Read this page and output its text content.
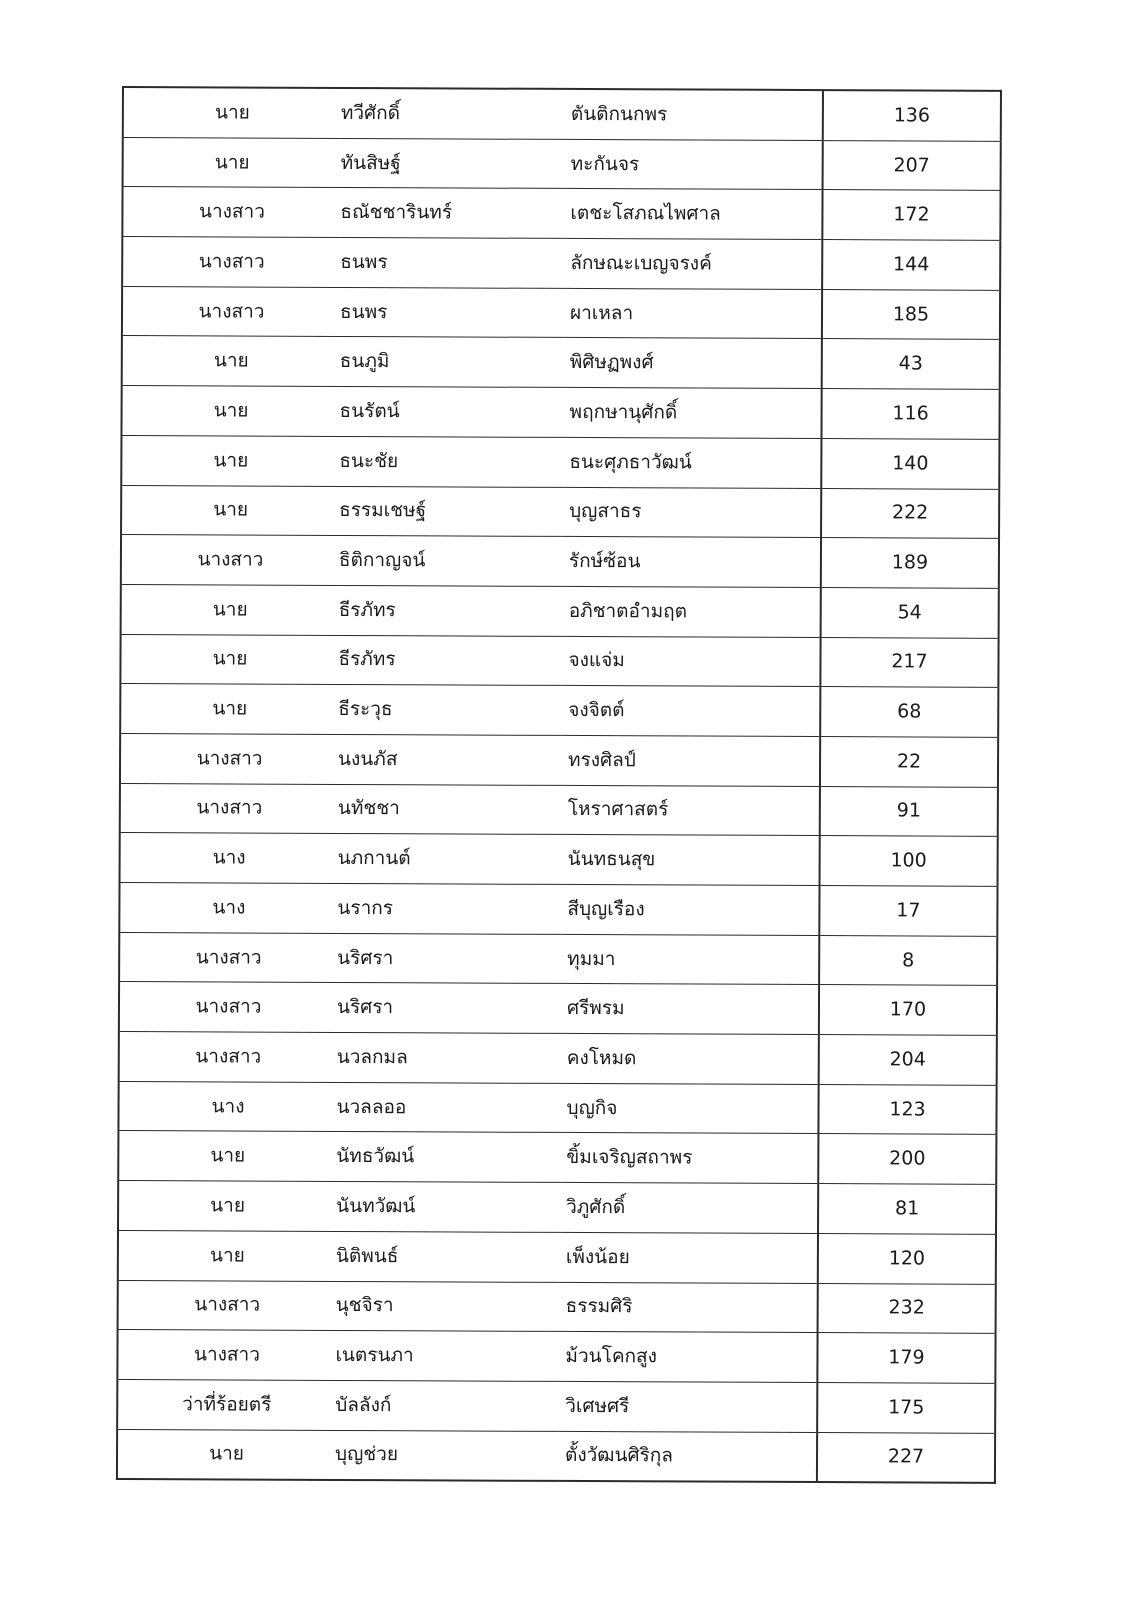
นาย	ทวีศักดิ์	ตันติกนกพร	136
นาย	ทันสิษฐ์	ทะกันจร	207
นางสาว	ธณัชชารินทร์	เตชะโสภณไพศาล	172
นางสาว	ธนพร	ลักษณะเบญจรงค์	144
นางสาว	ธนพร	ผาเหลา	185
นาย	ธนภูมิ	พิศิษฏพงศ์	43
นาย	ธนรัตน์	พฤกษานุศักดิ์	116
นาย	ธนะชัย	ธนะศุภธาวัฒน์	140
นาย	ธรรมเชษฐ์	บุญสาธร	222
นางสาว	ธิติกาญจน์	รักษ์ซ้อน	189
นาย	ธีรภัทร	อภิชาตอำมฤต	54
นาย	ธีรภัทร	จงแจ่ม	217
นาย	ธีระวุธ	จงจิตต์	68
นางสาว	นงนภัส	ทรงศิลป์	22
นางสาว	นทัชชา	โหราศาสตร์	91
นาง	นภกานต์	นันทธนสุข	100
นาง	นรากร	สีบุญเรือง	17
นางสาว	นริศรา	ทุมมา	8
นางสาว	นริศรา	ศรีพรม	170
นางสาว	นวลกมล	คงโหมด	204
นาง	นวลลออ	บุญกิจ	123
นาย	นัทธวัฒน์	ขิ้มเจริญสถาพร	200
นาย	นันทวัฒน์	วิภูศักดิ์	81
นาย	นิติพนธ์	เพ็งน้อย	120
นางสาว	นุชจิรา	ธรรมศิริ	232
นางสาว	เนตรนภา	ม้วนโคกสูง	179
ว่าที่ร้อยตรี	บัลลังก์	วิเศษศรี	175
นาย	บุญช่วย	ตั้งวัฒนศิริกุล	227
